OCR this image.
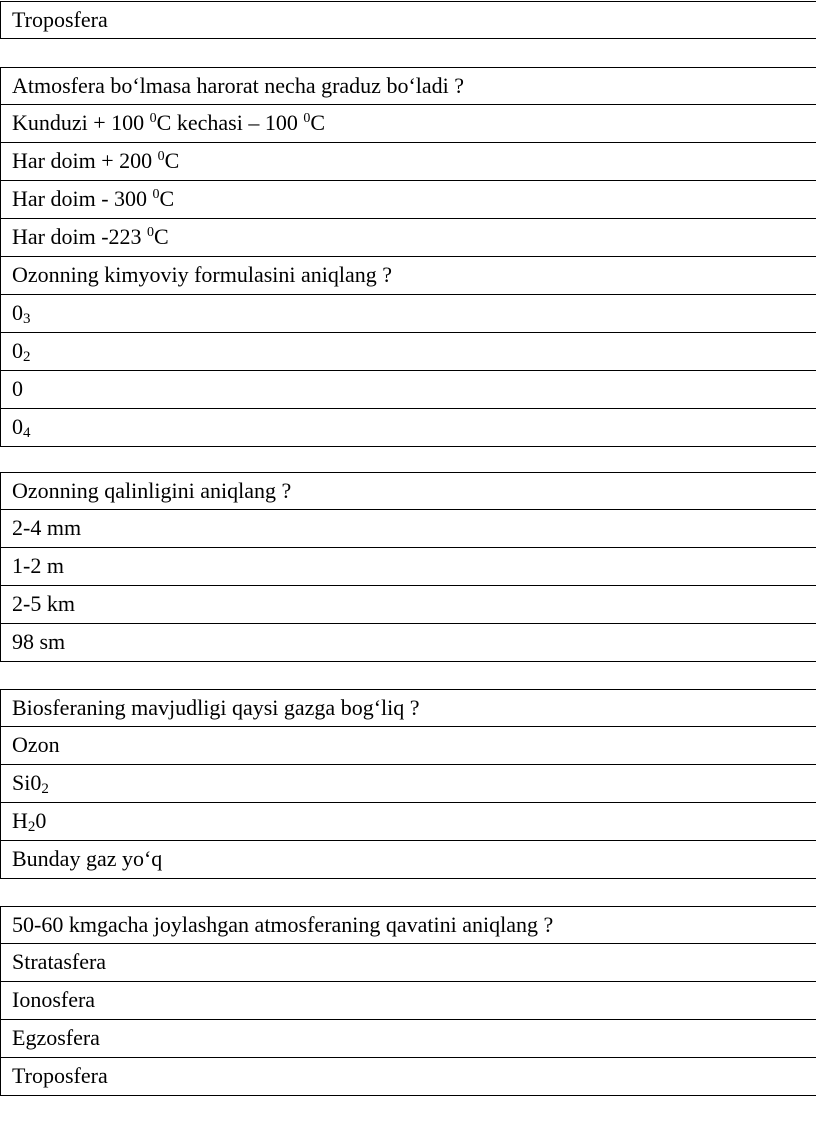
Troposfera
Atmosfera bo‘lmasa harorat necha graduz bo‘ladi ?
Kunduzi + 100 $^0$C kechasi – 100 $^0$C
Har doim + 200 $^0$C
Har doim - 300 $^0$C
Har doim -223 $^0$C
Ozonning kimyoviy formulasini aniqlang ?
03
$0_2$
0
04
Ozonning qalinligini aniqlang ?
2-4 mm
1-2 m
2-5 km
98 sm
Biosferaning mavjudligi qaysi gazga bog‘liq ?
Ozon
Si02
$H_20$
Bunday gaz yo‘q
50-60 kmgacha joylashgan atmosferaning qavatini aniqlang ?
Stratasfera
Ionosfera
Egzosfera
Troposfera
